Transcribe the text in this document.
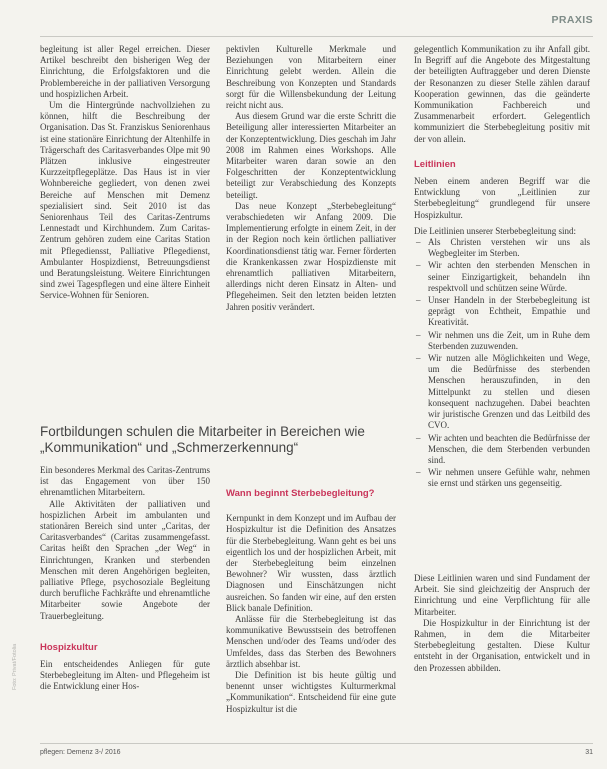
PRAXIS

begleitung ist aller Regel erreichen. Dieser Artikel beschreibt den bisherigen Weg der Einrichtung, die Erfolgsfaktoren und die Problembereiche in der palliativen Versorgung und hospizlichen Arbeit.

Um die Hintergründe nachvollziehen zu können, hilft die Beschreibung der Organisation. Das St. Franziskus Seniorenhaus ist eine stationäre Einrichtung der Altenhilfe in Trägerschaft des Caritasverbandes Olpe mit 90 Plätzen inklusive eingestreuter Kurzzeitpflegeplätze. Das Haus ist in vier Wohnbereiche gegliedert, von denen zwei Bereiche auf Menschen mit Demenz spezialisiert sind. Seit 2010 ist das Seniorenhaus Teil des Caritas-Zentrums Lennestadt und Kirchhundem. Zum Caritas-Zentrum gehören zudem eine Caritas Station mit Pflegediensst, Palliative Pflegedienst, Ambulanter Hospizdienst, Betreuungsdienst und Beratungsleistung. Weitere Einrichtungen sind zwei Tagespflegen und eine ältere Einheit Service-Wohnen für Senioren.

pektivlen Kulturelle Merkmale und Beziehungen von Mitarbeitern einer Einrichtung gelebt werden. Allein die Beschreibung von Konzepten und Standards sorgt für die Willensbekundung der Leitung reicht nicht aus.

Aus diesem Grund war die erste Schritt die Beteiligung aller interessierten Mitarbeiter an der Konzeptentwicklung. Dies geschah im Jahr 2008 im Rahmen eines Workshops. Alle Mitarbeiter waren daran sowie an den Folgeschritten der Konzeptentwicklung beteiligt zur Verabschiedung des Konzepts beteiligt.

Das neue Konzept „Sterbebegleitung“ verabschiedeten wir Anfang 2009. Die Implementierung erfolgte in einem Zeit, in der in der Region noch kein örtlichen palliativer Koordinationsdienst tätig war. Ferner förderten die Krankenkassen zwar Hospizdienste mit ehrenamtlich palliativen Mitarbeitern, allerdings nicht deren Einsatz in Alten- und Pflegeheimen. Seit den letzten beiden letzten Jahren positiv verändert.

gelegentlich Kommunikation zu ihr Anfall gibt. In Begriff auf die Angebote des Mitgestaltung der beteiligten Auftraggeber und deren Dienste der Resonanzen zu dieser Stelle zählen darauf Kooperation gewinnen, das die geänderte Kommunikation Fachbereich und Zusammenarbeit erfordert. Gelegentlich kommuniziert die Sterbebegleitung positiv mit der von allein.

Leitlinien

Neben einem anderen Begriff war die Entwicklung von „Leitlinien zur Sterbebegleitung“ grundlegend für unsere Hospizkultur.

Die Leitlinien unserer Sterbebegleitung sind:

– Als Christen verstehen wir uns als Wegbegleiter im Sterben.
– Wir achten den sterbenden Menschen in seiner Einzigartigkeit, behandeln ihn respektvoll und schützen seine Würde.
– Unser Handeln in der Sterbebegleitung ist geprägt von Echtheit, Empathie und Kreativität.
– Wir nehmen uns die Zeit, um in Ruhe dem Sterbenden zuzuwenden.
– Wir nutzen alle Möglichkeiten und Wege, um die Bedürfnisse des sterbenden Menschen herauszufinden, in den Mittelpunkt zu stellen und diesen konsequent nachzugehen. Dabei beachten wir juristische Grenzen und das Leitbild des CVO.
– Wir achten und beachten die Bedürfnisse der Menschen, die dem Sterbenden verbunden sind.
– Wir nehmen unsere Gefühle wahr, nehmen sie ernst und stärken uns gegenseitig.
Fortbildungen schulen die Mitarbeiter in Bereichen wie
„Kommunikation“ und „Schmerzerkennung“

Ein besonderes Merkmal des Caritas-Zentrums ist das Engagement von über 150 ehrenamtlichen Mitarbeitern.

Alle Aktivitäten der palliativen und hospizlichen Arbeit im ambulanten und stationären Bereich sind unter „Caritas, der Caritasverbandes“ (Caritas zusammengefasst. Caritas heißt den Sprachen „der Weg“ in Einrichtungen, Kranken und sterbenden Menschen mit deren Angehörigen begleiten, palliative Pflege, psychosoziale Begleitung durch berufliche Fachkräfte und ehrenamtliche Mitarbeiter sowie Angebote der Trauerbegleitung.

Hospizkultur

Ein entscheidendes Anliegen für gute Sterbebegleitung im Alten- und Pflegeheim ist die Entwicklung einer Hos-

Wann beginnt Sterbebegleitung?

Kernpunkt in dem Konzept und im Aufbau der Hospizkultur ist die Definition des Ansatzes für die Sterbebegleitung. Wann geht es bei uns eigentlich los und der hospizlichen Arbeit, mit der Sterbebegleitung beim einzelnen Bewohner? Wir wussten, dass ärztlich Diagnosen und Einschätzungen nicht ausreichen. So fanden wir eine, auf den ersten Blick banale Definition.

Anlässe für die Sterbebegleitung ist das kommunikative Bewusstsein des betroffenen Menschen und/oder des Teams und/oder des Umfeldes, dass das Sterben des Bewohners ärztlich absehbar ist.

Die Definition ist bis heute gültig und benennt unser wichtigstes Kulturmerkmal „Kommunikation“. Entscheidend für eine gute Hospizkultur ist die

Diese Leitlinien waren und sind Fundament der Arbeit. Sie sind gleichzeitig der Anspruch der Einrichtung und eine Verpflichtung für alle Mitarbeiter.

Die Hospizkultur in der Einrichtung ist der Rahmen, in dem die Mitarbeiter Sterbebegleitung gestalten. Diese Kultur entsteht in der Organisation, entwickelt und in den Prozessen abbilden.

Foto: Privat/Fotolia
pflegen: Demenz 3-/ 2016	31
